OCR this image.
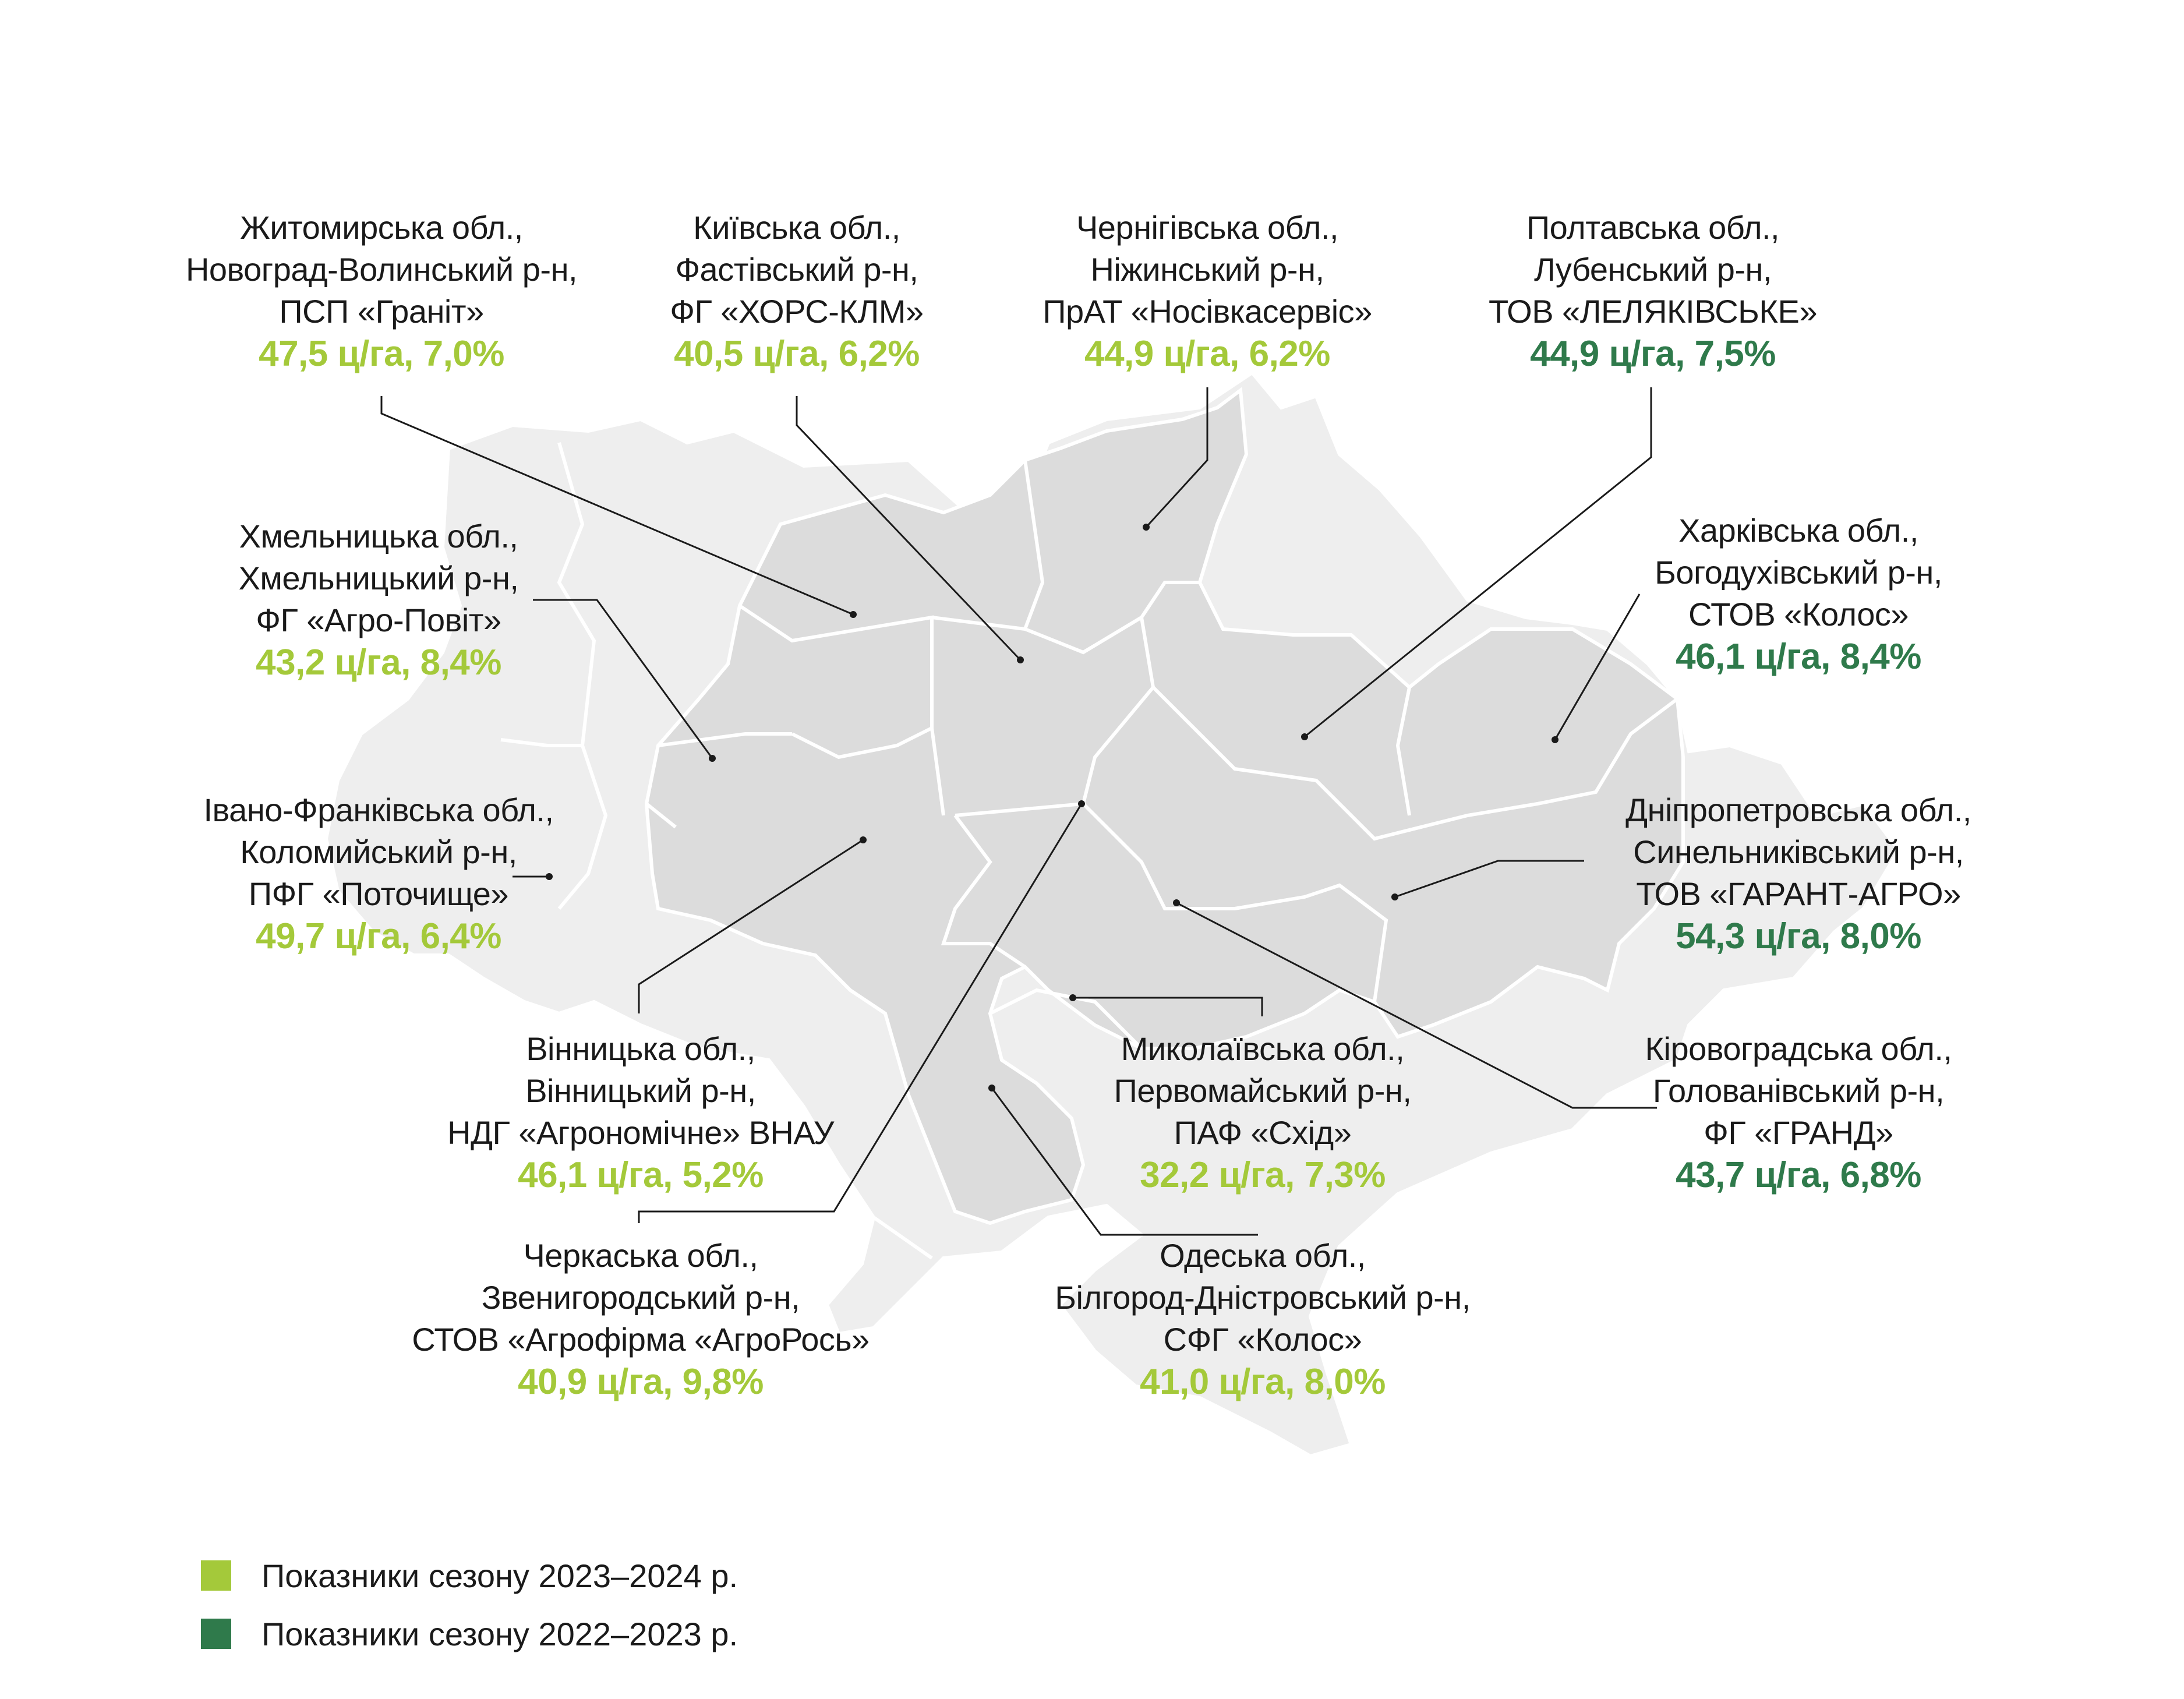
Житомирська обл.,
Новоград-Волинський р-н,
ПСП «Граніт»
47,5 ц/га, 7,0%
Київська обл.,
Фастівський р-н,
ФГ «ХОРС-КЛМ»
40,5 ц/га, 6,2%
Чернігівська обл.,
Ніжинський р-н,
ПрАТ «Носівкасервіс»
44,9 ц/га, 6,2%
Полтавська обл.,
Лубенський р-н,
ТОВ «ЛЕЛЯКІВСЬКЕ»
44,9 ц/га, 7,5%
Хмельницька обл.,
Хмельницький р-н,
ФГ «Агро-Повіт»
43,2 ц/га, 8,4%
Харківська обл.,
Богодухівський р-н,
СТОВ «Колос»
46,1 ц/га, 8,4%
Івано-Франківська обл.,
Коломийський р-н,
ПФГ «Поточище»
49,7 ц/га, 6,4%
Дніпропетровська обл.,
Синельниківський р-н,
ТОВ «ГАРАНТ-АГРО»
54,3 ц/га, 8,0%
Вінницька обл.,
Вінницький р-н,
НДГ «Агрономічне» ВНАУ
46,1 ц/га, 5,2%
Миколаївська обл.,
Первомайський р-н,
ПАФ «Схід»
32,2 ц/га, 7,3%
Кіровоградська обл.,
Голованівський р-н,
ФГ «ГРАНД»
43,7 ц/га, 6,8%
Черкаська обл.,
Звенигородський р-н,
СТОВ «Агрофірма «АгроРось»
40,9 ц/га, 9,8%
Одеська обл.,
Білгород-Дністровський р-н,
СФГ «Колос»
41,0 ц/га, 8,0%
Показники сезону 2023–2024 р.
Показники сезону 2022–2023 р.
